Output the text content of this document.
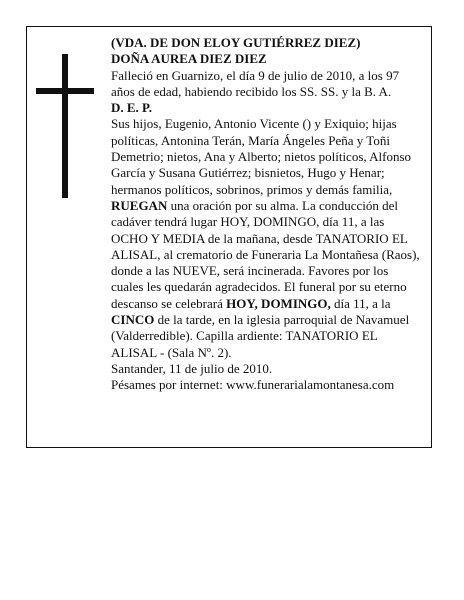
(VDA. DE DON ELOY GUTIÉRREZ DIEZ)

DOÑA AUREA DIEZ DIEZ

Falleció en Guarnizo, el día 9 de julio de 2010, a los 97 años de edad, habiendo recibido los SS. SS. y la B. A.

D. E. P.

Sus hijos, Eugenio, Antonio Vicente () y Exiquio; hijas políticas, Antonina Terán, María Ángeles Peña y Toñi Demetrio; nietos, Ana y Alberto; nietos políticos, Alfonso García y Susana Gutiérrez; bisnietos, Hugo y Henar; hermanos políticos, sobrinos, primos y demás familia,

RUEGAN una oración por su alma. La conducción del cadáver tendrá lugar HOY, DOMINGO, día 11, a las OCHO Y MEDIA de la mañana, desde TANATORIO EL ALISAL, al crematorio de Funeraria La Montañesa (Raos), donde a las NUEVE, será incinerada. Favores por los cuales les quedarán agradecidos. El funeral por su eterno descanso se celebrará HOY, DOMINGO, día 11, a la CINCO de la tarde, en la iglesia parroquial de Navamuel (Valderredible). Capilla ardiente: TANATORIO EL ALISAL - (Sala Nº. 2).

Santander, 11 de julio de 2010.

Pésames por internet: www.funerarialamontanesa.com
